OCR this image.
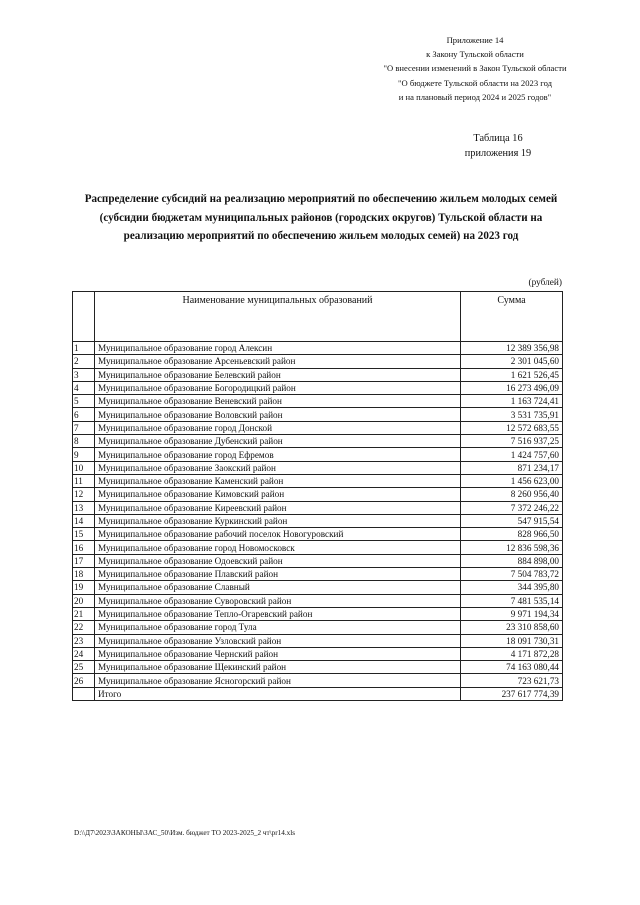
Приложение 14
к Закону Тульской области
"О внесении изменений в Закон Тульской области
"О бюджете Тульской области на 2023 год
и на плановый период 2024 и 2025 годов"
Таблица 16
приложения 19
Распределение субсидий на реализацию мероприятий по обеспечению жильем молодых семей (субсидии бюджетам муниципальных районов (городских округов) Тульской области на реализацию мероприятий по обеспечению жильем молодых семей) на 2023 год
(рублей)
	Наименование муниципальных образований	Сумма
1	Муниципальное образование город Алексин	12 389 356,98
2	Муниципальное образование Арсеньевский район	2 301 045,60
3	Муниципальное образование Белевский район	1 621 526,45
4	Муниципальное образование Богородицкий район	16 273 496,09
5	Муниципальное образование Веневский район	1 163 724,41
6	Муниципальное образование Воловский район	3 531 735,91
7	Муниципальное образование город Донской	12 572 683,55
8	Муниципальное образование Дубенский район	7 516 937,25
9	Муниципальное образование город Ефремов	1 424 757,60
10	Муниципальное образование Заокский район	871 234,17
11	Муниципальное образование Каменский район	1 456 623,00
12	Муниципальное образование Кимовский район	8 260 956,40
13	Муниципальное образование Киреевский район	7 372 246,22
14	Муниципальное образование Куркинский район	547 915,54
15	Муниципальное образование рабочий поселок Новогуровский	828 966,50
16	Муниципальное образование город Новомосковск	12 836 598,36
17	Муниципальное образование Одоевский район	884 898,00
18	Муниципальное образование Плавский район	7 504 783,72
19	Муниципальное образование Славный	344 395,80
20	Муниципальное образование Суворовский район	7 481 535,14
21	Муниципальное образование Тепло-Огаревский район	9 971 194,34
22	Муниципальное образование город Тула	23 310 858,60
23	Муниципальное образование Узловский район	18 091 730,31
24	Муниципальное образование Чернский район	4 171 872,28
25	Муниципальное образование Щекинский район	74 163 080,44
26	Муниципальное образование Ясногорский район	723 621,73
	Итого	237 617 774,39
D:\\Д7\2023\ЗАКОНЫ\ЗАС_50\Изм. бюджет ТО 2023-2025_2 чт\pr14.xls
